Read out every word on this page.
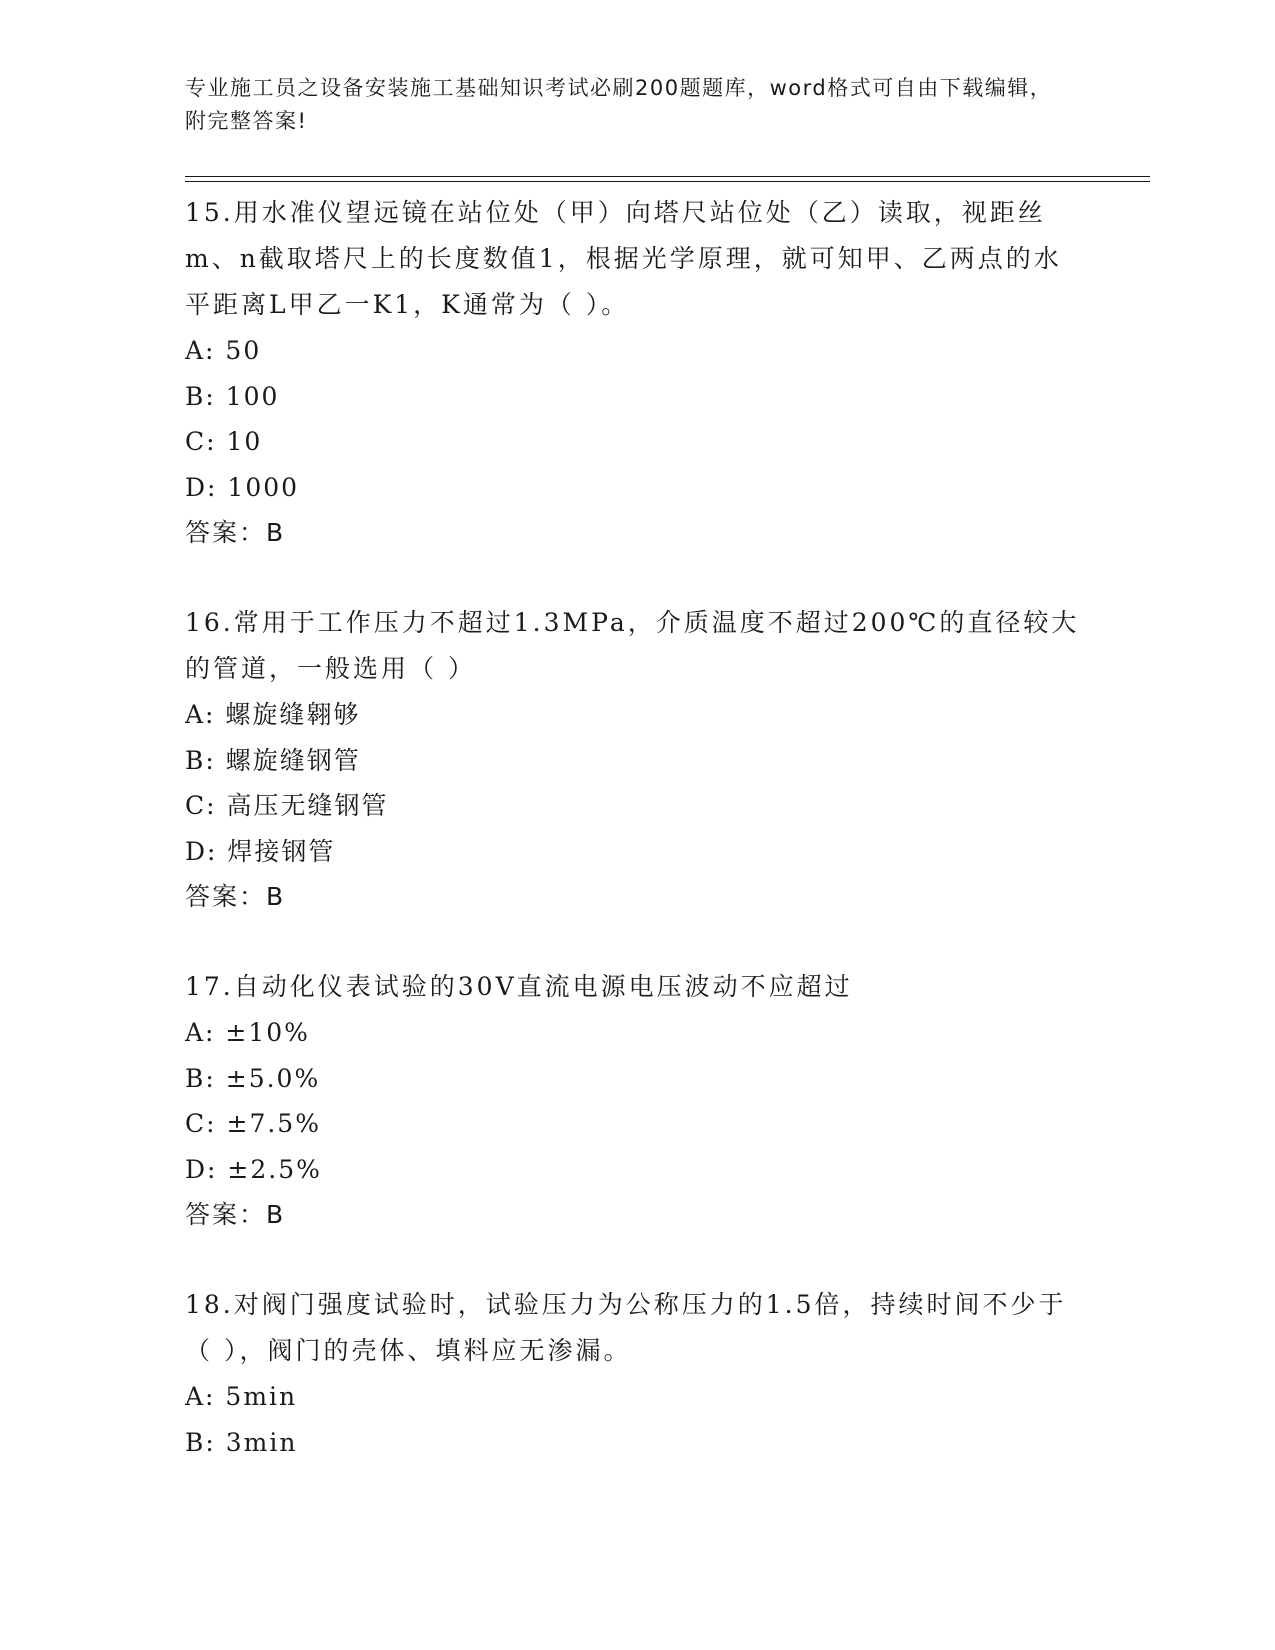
专业施工员之设备安装施工基础知识考试必刷200题题库，word格式可自由下载编辑，附完整答案!
15.用水准仪望远镜在站位处（甲）向塔尺站位处（乙）读取，视距丝m、n截取塔尺上的长度数值1，根据光学原理，就可知甲、乙两点的水平距离L甲乙一K1，K通常为（ ）。
A: 50
B: 100
C: 10
D: 1000
答案：B
16.常用于工作压力不超过1.3MPa，介质温度不超过200℃的直径较大的管道，一般选用（ ）
A: 螺旋缝翱够
B: 螺旋缝钢管
C: 高压无缝钢管
D: 焊接钢管
答案：B
17.自动化仪表试验的30V直流电源电压波动不应超过
A: ±10%
B: ±5.0%
C: ±7.5%
D: ±2.5%
答案：B
18.对阀门强度试验时，试验压力为公称压力的1.5倍，持续时间不少于（ ），阀门的壳体、填料应无渗漏。
A: 5min
B: 3min
